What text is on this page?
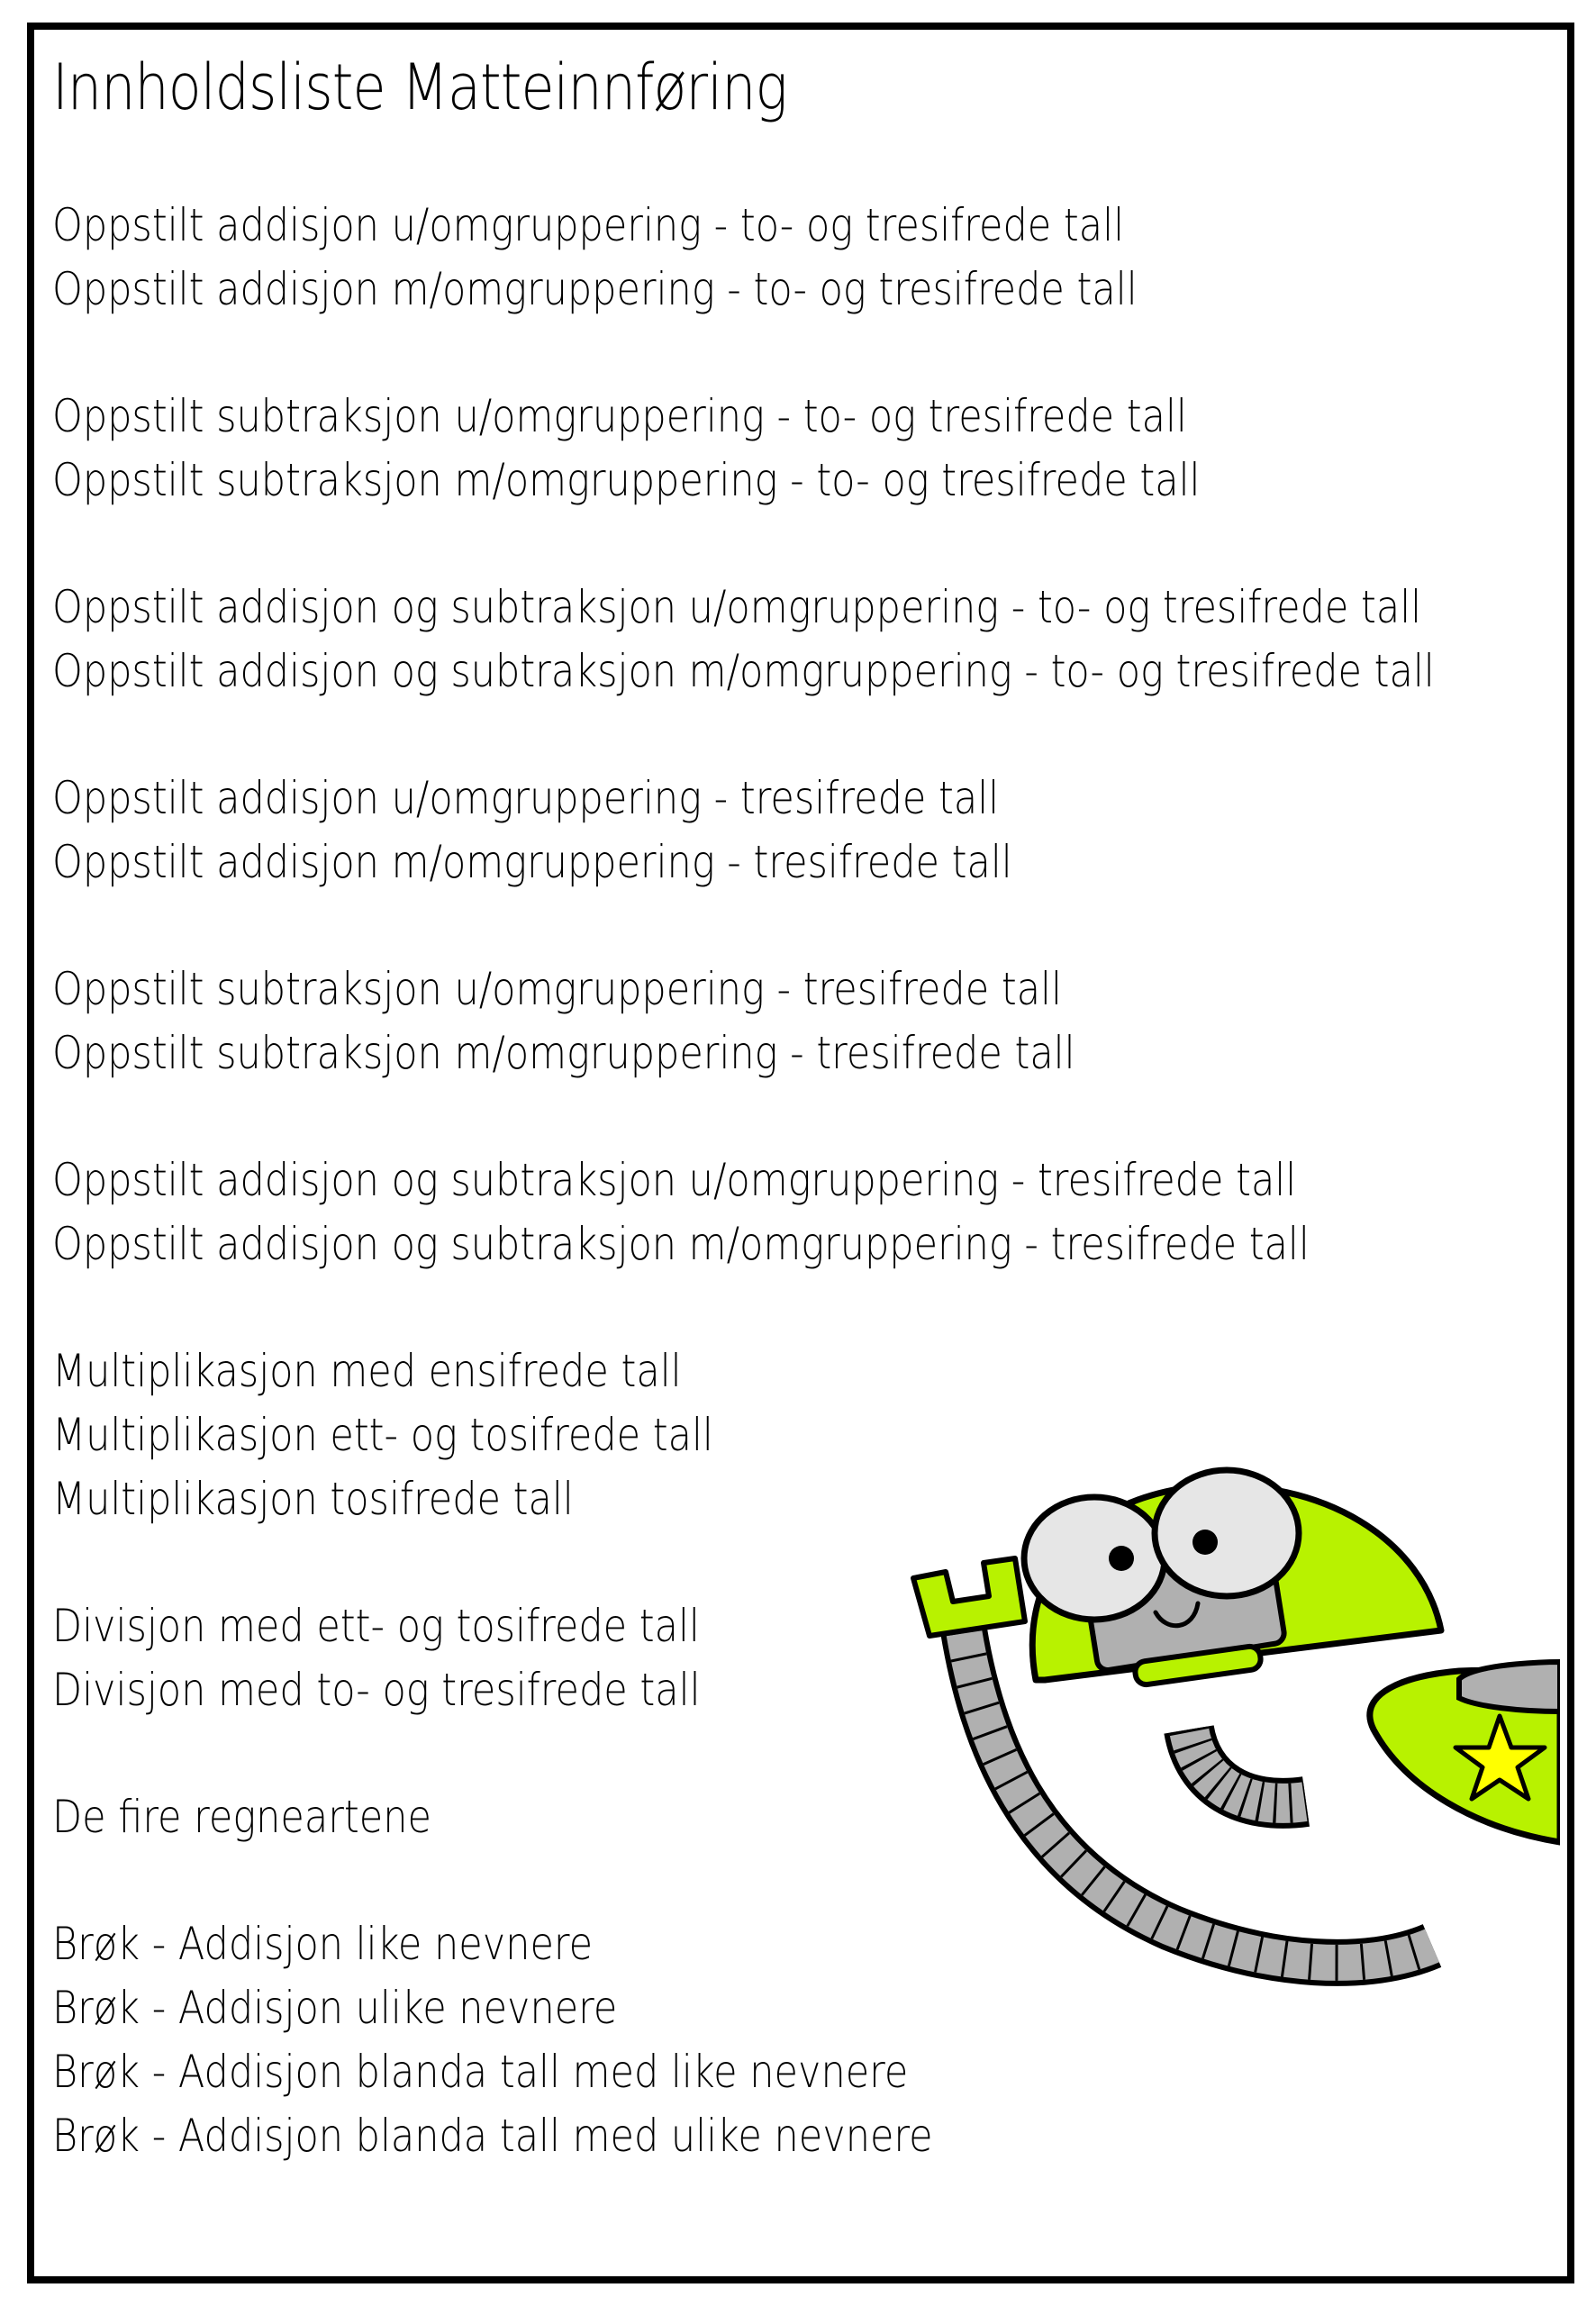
Innholdsliste Matteinnføring
Oppstilt addisjon u/omgruppering - to- og tresifrede tall
Oppstilt addisjon m/omgruppering - to- og tresifrede tall
Oppstilt subtraksjon u/omgruppering - to- og tresifrede tall
Oppstilt subtraksjon m/omgruppering - to- og tresifrede tall
Oppstilt addisjon og subtraksjon u/omgruppering - to- og tresifrede tall
Oppstilt addisjon og subtraksjon m/omgruppering - to- og tresifrede tall
Oppstilt addisjon u/omgruppering - tresifrede tall
Oppstilt addisjon m/omgruppering - tresifrede tall
Oppstilt subtraksjon u/omgruppering - tresifrede tall
Oppstilt subtraksjon m/omgruppering - tresifrede tall
Oppstilt addisjon og subtraksjon u/omgruppering - tresifrede tall
Oppstilt addisjon og subtraksjon m/omgruppering - tresifrede tall
Multiplikasjon med ensifrede tall
Multiplikasjon ett- og tosifrede tall
Multiplikasjon tosifrede tall
Divisjon med ett- og tosifrede tall
Divisjon med to- og tresifrede tall
De fire regneartene
Brøk - Addisjon like nevnere
Brøk - Addisjon ulike nevnere
Brøk - Addisjon blanda tall med like nevnere
Brøk - Addisjon blanda tall med ulike nevnere
